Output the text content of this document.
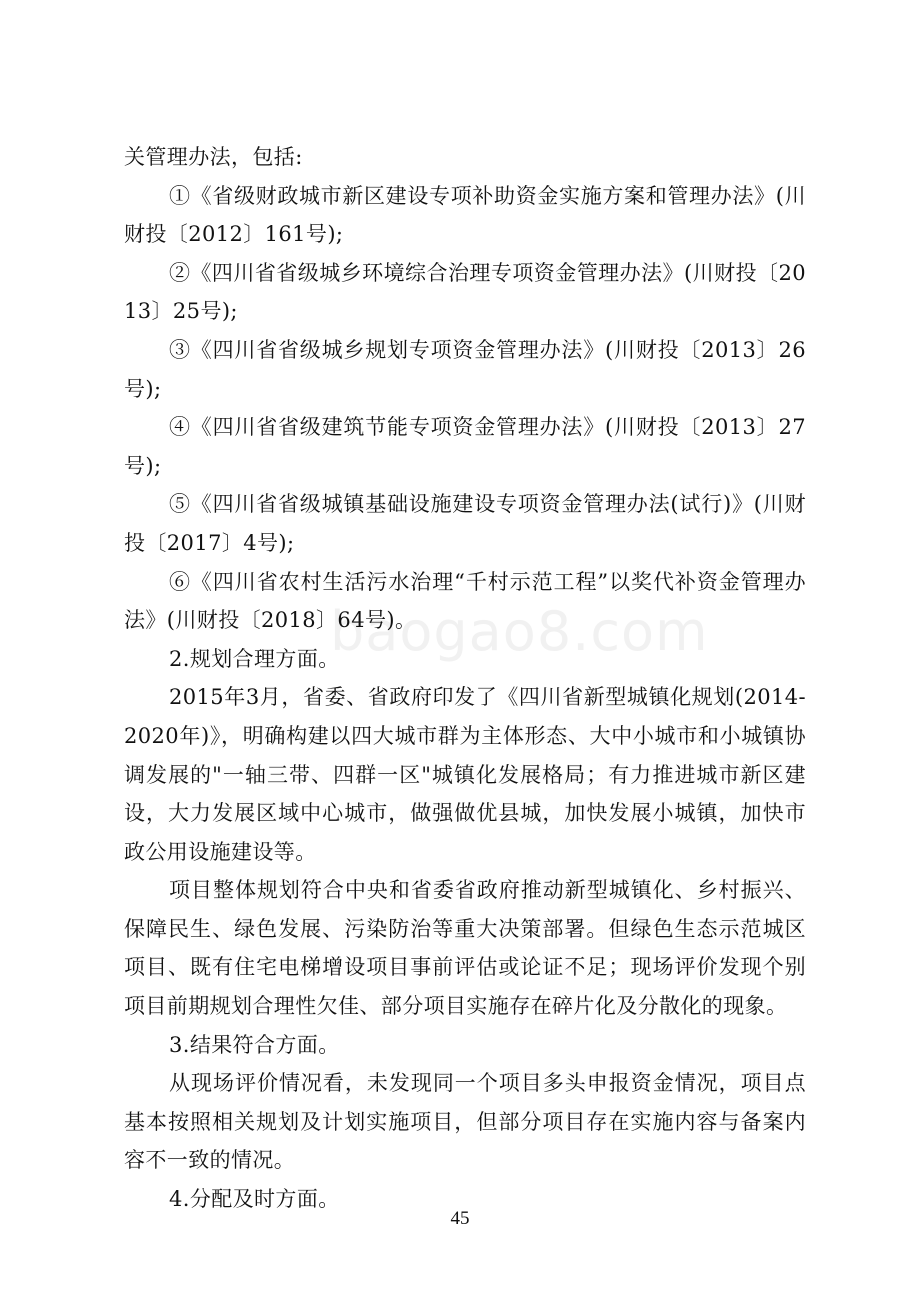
baogao8.com

关管理办法，包括:

①《省级财政城市新区建设专项补助资金实施方案和管理办法》(川财投〔2012〕161号);

②《四川省省级城乡环境综合治理专项资金管理办法》(川财投〔2013〕25号);

③《四川省省级城乡规划专项资金管理办法》(川财投〔2013〕26号);

④《四川省省级建筑节能专项资金管理办法》(川财投〔2013〕27号);

⑤《四川省省级城镇基础设施建设专项资金管理办法(试行)》(川财投〔2017〕4号);

⑥《四川省农村生活污水治理“千村示范工程”以奖代补资金管理办法》(川财投〔2018〕64号)。

2.规划合理方面。

2015年3月，省委、省政府印发了《四川省新型城镇化规划(2014-2020年)》，明确构建以四大城市群为主体形态、大中小城市和小城镇协调发展的"一轴三带、四群一区"城镇化发展格局；有力推进城市新区建设，大力发展区域中心城市，做强做优县城，加快发展小城镇，加快市政公用设施建设等。

项目整体规划符合中央和省委省政府推动新型城镇化、乡村振兴、保障民生、绿色发展、污染防治等重大决策部署。但绿色生态示范城区项目、既有住宅电梯增设项目事前评估或论证不足；现场评价发现个别项目前期规划合理性欠佳、部分项目实施存在碎片化及分散化的现象。

3.结果符合方面。

从现场评价情况看，未发现同一个项目多头申报资金情况，项目点基本按照相关规划及计划实施项目，但部分项目存在实施内容与备案内容不一致的情况。

4.分配及时方面。

45
